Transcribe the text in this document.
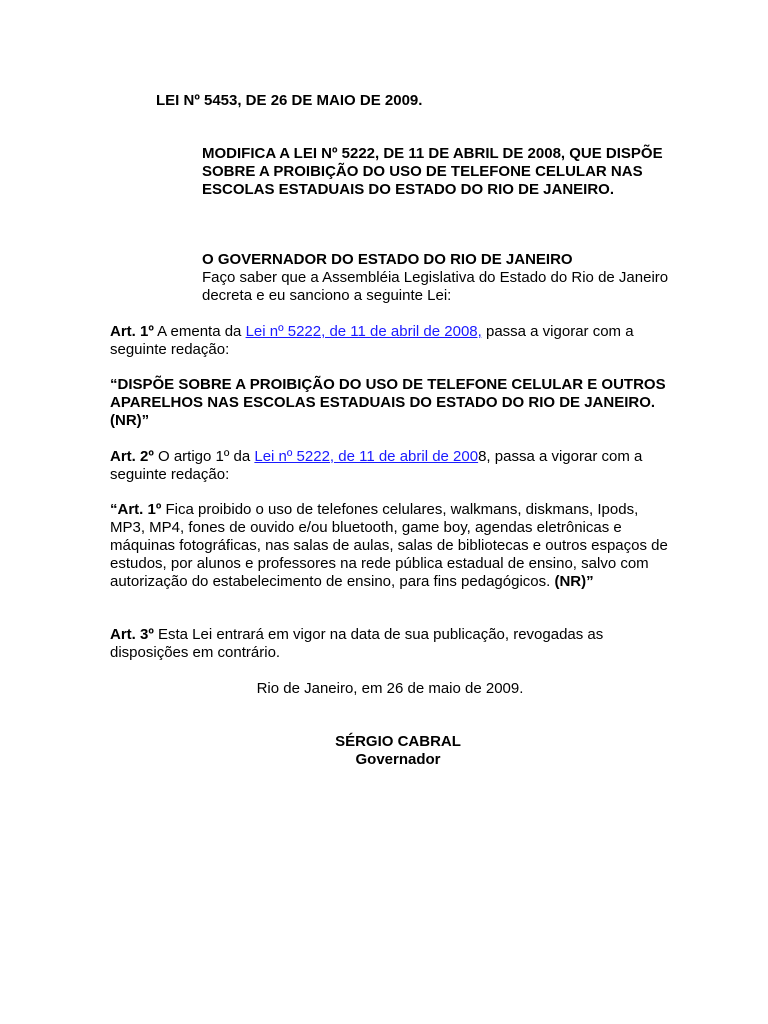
LEI Nº 5453, DE 26 DE MAIO DE 2009.

MODIFICA A LEI Nº 5222, DE 11 DE ABRIL DE 2008, QUE DISPÕE SOBRE A PROIBIÇÃO DO USO DE TELEFONE CELULAR NAS ESCOLAS ESTADUAIS DO ESTADO DO RIO DE JANEIRO.

O GOVERNADOR DO ESTADO DO RIO DE JANEIRO

Faço saber que a Assembléia Legislativa do Estado do Rio de Janeiro decreta e eu sanciono a seguinte Lei:

Art. 1º A ementa da Lei nº 5222, de 11 de abril de 2008, passa a vigorar com a seguinte redação:

“DISPÕE SOBRE A PROIBIÇÃO DO USO DE TELEFONE CELULAR E OUTROS APARELHOS NAS ESCOLAS ESTADUAIS DO ESTADO DO RIO DE JANEIRO.(NR)”

Art. 2º O artigo 1º da Lei nº 5222, de 11 de abril de 2008, passa a vigorar com a seguinte redação:

“Art. 1º Fica proibido o uso de telefones celulares, walkmans, diskmans, Ipods, MP3, MP4, fones de ouvido e/ou bluetooth, game boy, agendas eletrônicas e máquinas fotográficas, nas salas de aulas, salas de bibliotecas e outros espaços de estudos, por alunos e professores na rede pública estadual de ensino, salvo com autorização do estabelecimento de ensino, para fins pedagógicos. (NR)”

Art. 3º Esta Lei entrará em vigor na data de sua publicação, revogadas as disposições em contrário.

Rio de Janeiro, em 26 de maio de 2009.

SÉRGIO CABRAL

Governador
